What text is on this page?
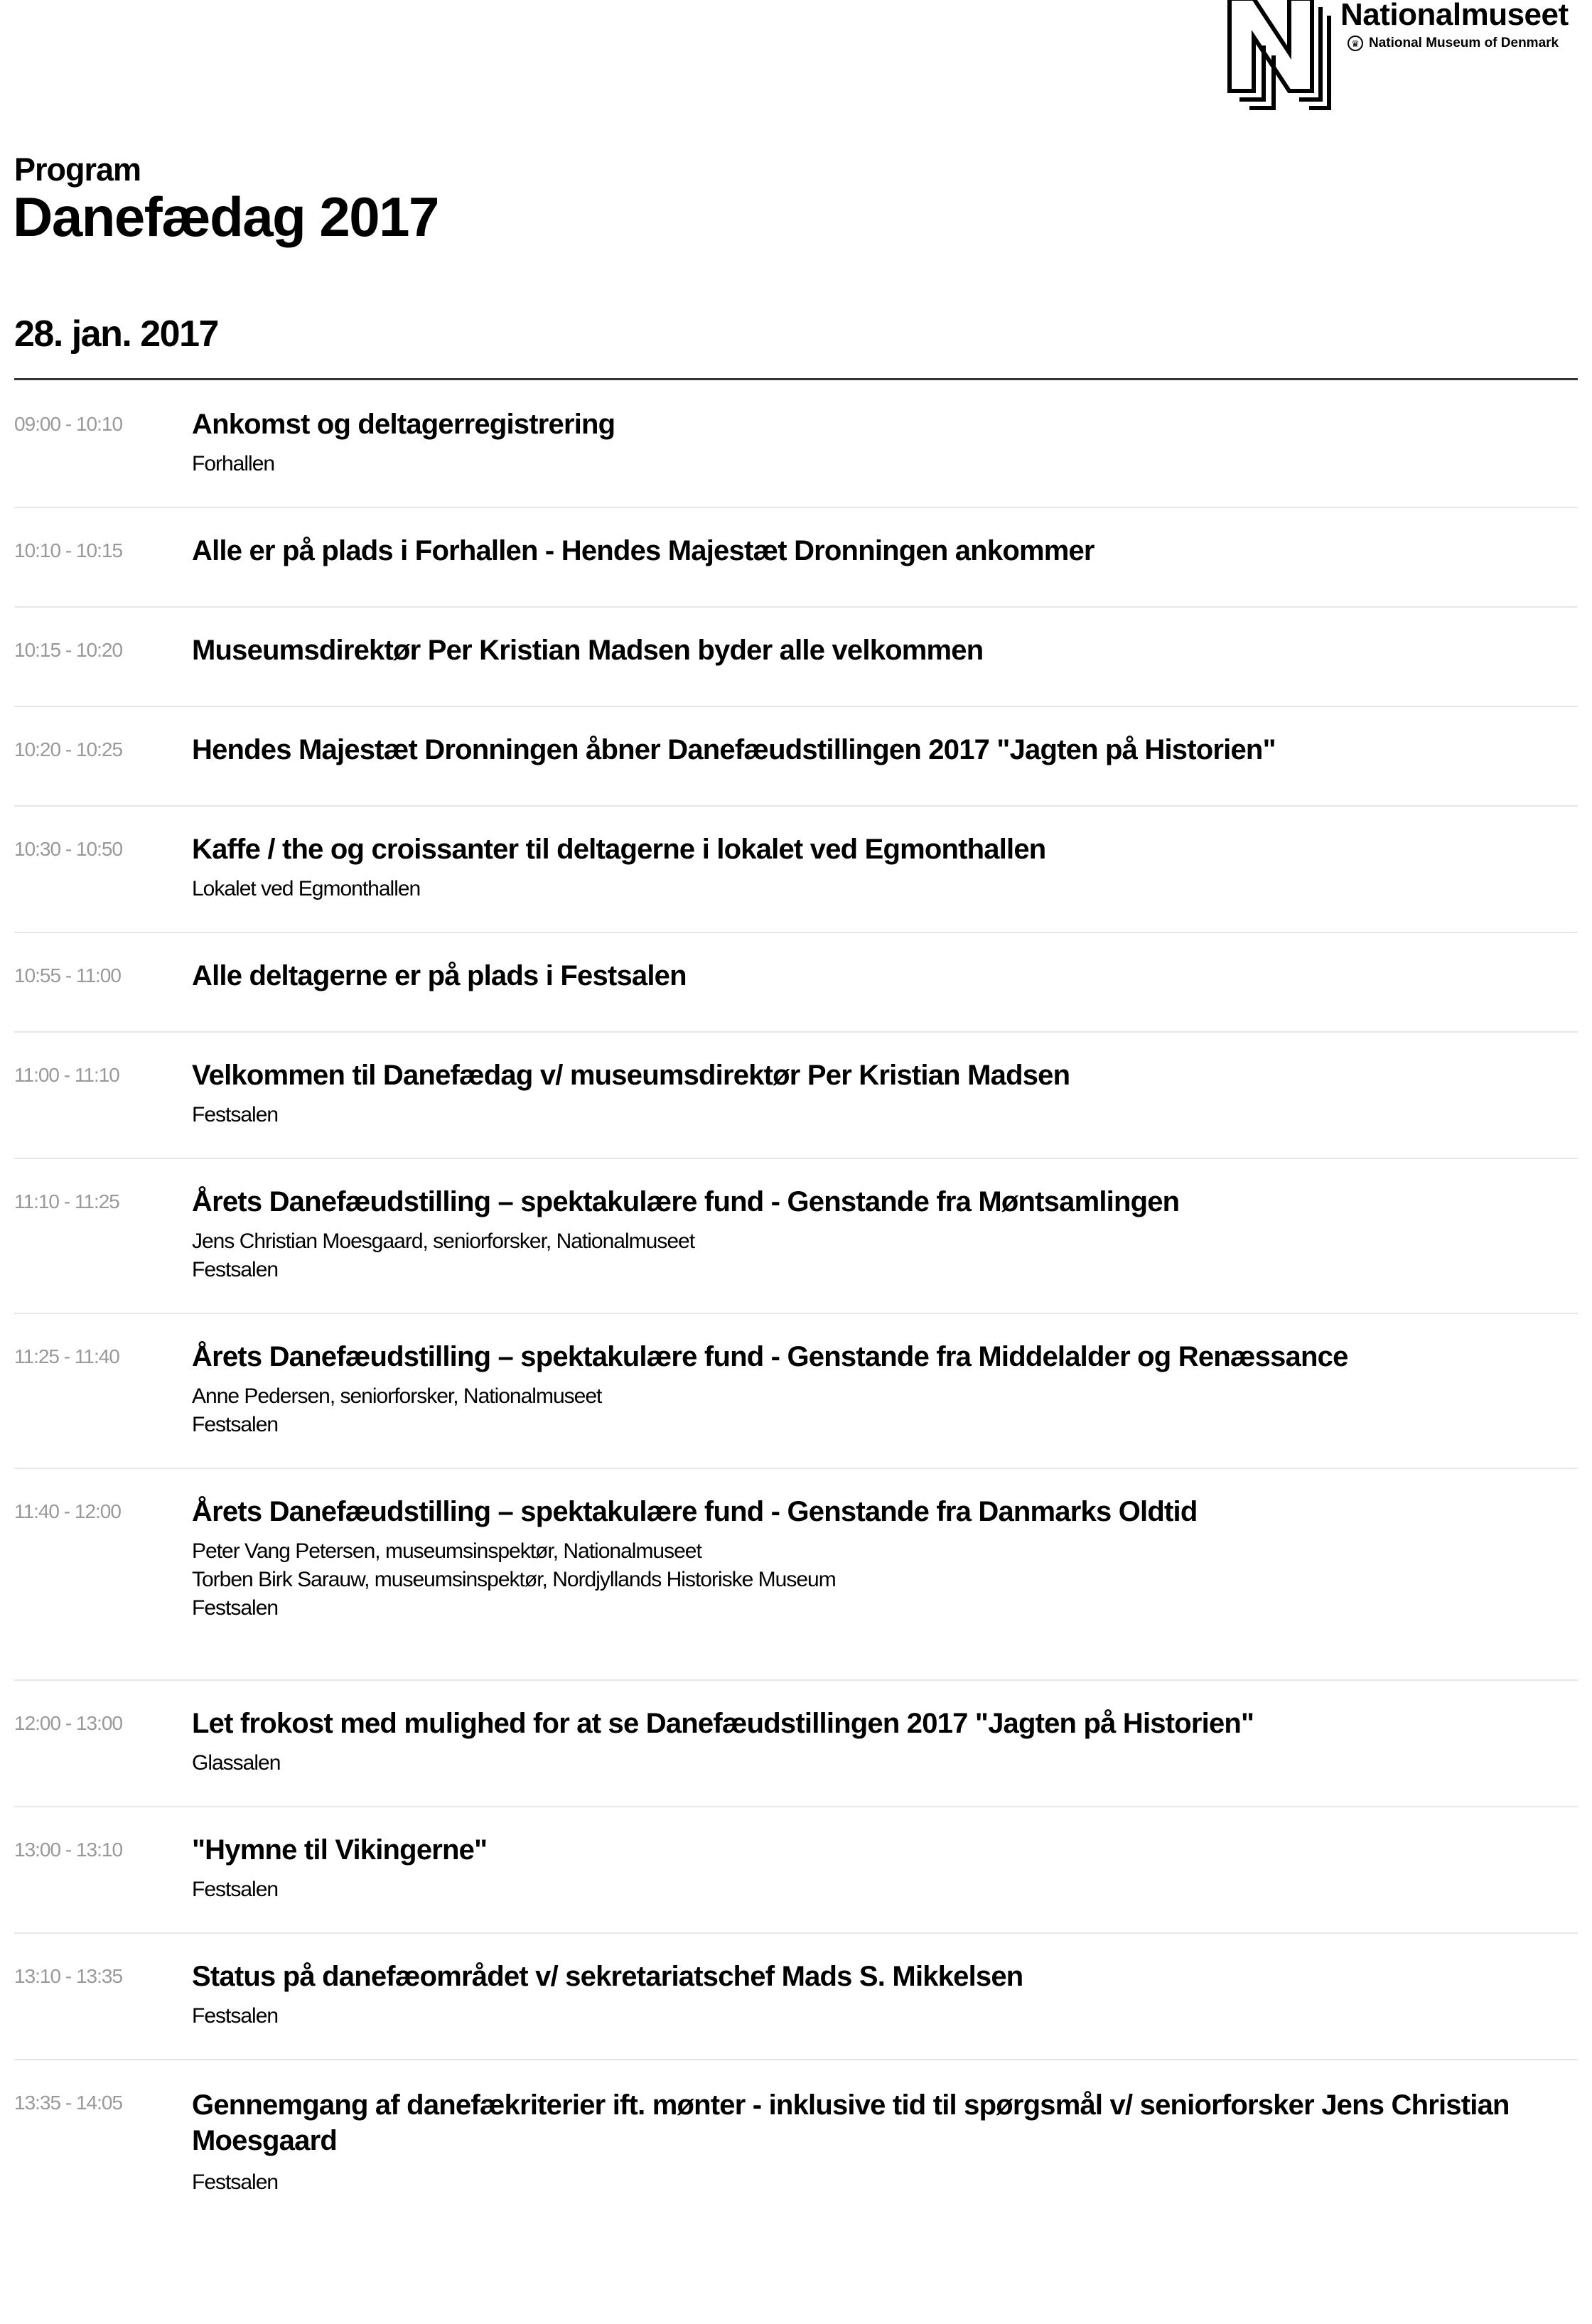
Nationalmuseet
♛ National Museum of Denmark
Program
Danefædag 2017
28. jan. 2017
09:00 - 10:10	Ankomst og deltagerregistrering
Forhallen
10:10 - 10:15	Alle er på plads i Forhallen - Hendes Majestæt Dronningen ankommer
10:15 - 10:20	Museumsdirektør Per Kristian Madsen byder alle velkommen
10:20 - 10:25	Hendes Majestæt Dronningen åbner Danefæudstillingen 2017 "Jagten på Historien"
10:30 - 10:50	Kaffe / the og croissanter til deltagerne i lokalet ved Egmonthallen
Lokalet ved Egmonthallen
10:55 - 11:00	Alle deltagerne er på plads i Festsalen
11:00 - 11:10	Velkommen til Danefædag v/ museumsdirektør Per Kristian Madsen
Festsalen
11:10 - 11:25	Årets Danefæudstilling – spektakulære fund - Genstande fra Møntsamlingen
Jens Christian Moesgaard, seniorforsker, Nationalmuseet
Festsalen
11:25 - 11:40	Årets Danefæudstilling – spektakulære fund - Genstande fra Middelalder og Renæssance
Anne Pedersen, seniorforsker, Nationalmuseet
Festsalen
11:40 - 12:00	Årets Danefæudstilling – spektakulære fund - Genstande fra Danmarks Oldtid
Peter Vang Petersen, museumsinspektør, Nationalmuseet
Torben Birk Sarauw, museumsinspektør, Nordjyllands Historiske Museum
Festsalen
12:00 - 13:00	Let frokost med mulighed for at se Danefæudstillingen 2017 "Jagten på Historien"
Glassalen
13:00 - 13:10	"Hymne til Vikingerne"
Festsalen
13:10 - 13:35	Status på danefæområdet v/ sekretariatschef Mads S. Mikkelsen
Festsalen
13:35 - 14:05	Gennemgang af danefækriterier ift. mønter - inklusive tid til spørgsmål v/ seniorforsker Jens Christian Moesgaard
Festsalen
